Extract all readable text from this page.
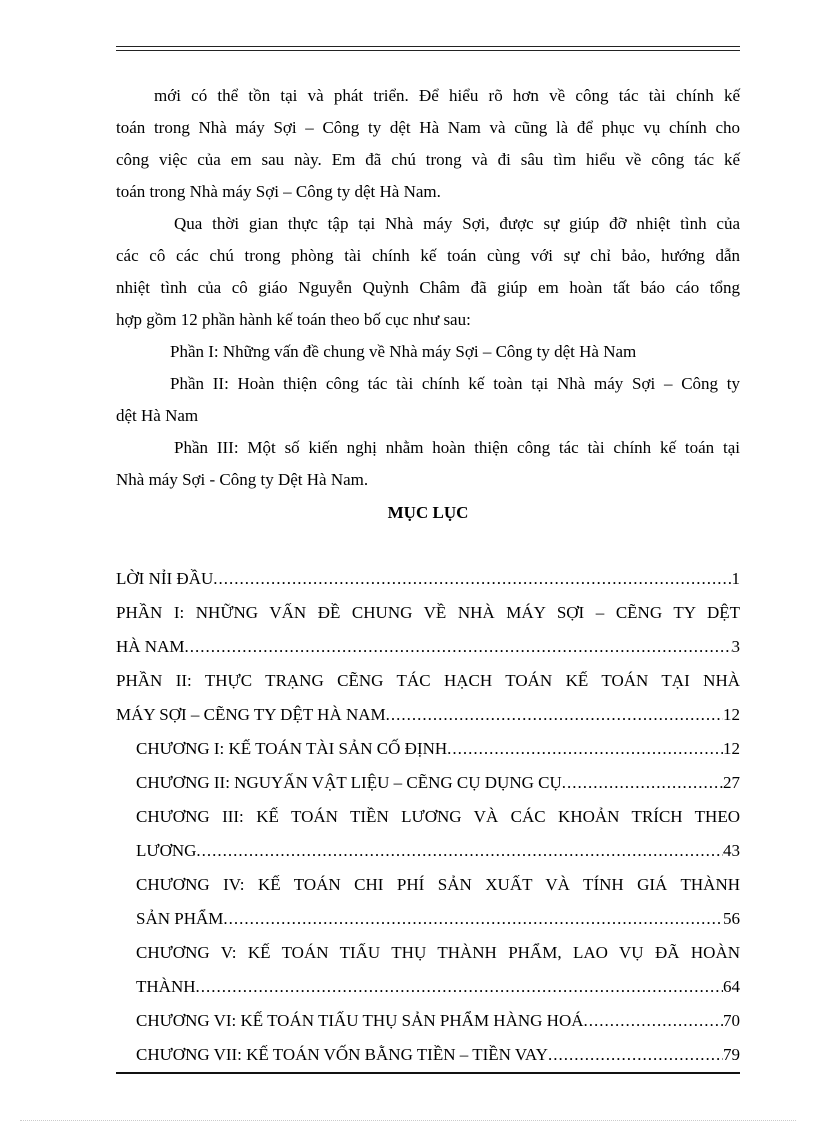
mới có thể tồn tại và phát triển. Để hiểu rõ hơn về công tác tài chính kế
toán trong Nhà máy Sợi – Công ty dệt Hà Nam và cũng là để phục vụ chính cho
công việc của em sau này. Em đã chú trong và đi sâu tìm hiểu về công tác kế
toán trong Nhà máy Sợi – Công ty dệt Hà Nam.
Qua thời gian thực tập tại Nhà máy Sợi, được sự giúp đỡ nhiệt tình của
các cô các chú trong phòng tài chính kế toán cùng với sự chỉ bảo, hướng dẫn
nhiệt tình của cô giáo Nguyễn Quỳnh Châm đã giúp em hoàn tất báo cáo tổng
hợp gồm 12 phần hành kế toán theo bố cục như sau:
Phần I: Những vấn đề chung về Nhà máy Sợi – Công ty dệt Hà Nam
Phần II: Hoàn thiện công tác tài chính kế toàn tại Nhà máy Sợi – Công ty
dệt Hà Nam
Phần III: Một số kiến nghị nhằm hoàn thiện công tác tài chính kế toán tại
Nhà máy Sợi - Công ty Dệt Hà Nam.
MỤC LỤC
LỜI NỈI ĐẦU .....	1
PHẦN I: NHỮNG VẤN ĐỀ CHUNG VỀ NHÀ MÁY SỢI – CẼNG TY DỆT
HÀ NAM .....	3
PHẦN II: THỰC TRẠNG CẼNG TÁC HẠCH TOÁN KẾ TOÁN TẠI NHÀ
MÁY SỢI – CẼNG TY DỆT HÀ NAM .....	12
CHƯƠNG I: KẾ TOÁN TÀI SẢN CỐ ĐỊNH .....	12
CHƯƠNG II: NGUYẤN VẬT LIỆU – CẼNG CỤ DỤNG CỤ .....	27
CHƯƠNG III: KẾ TOÁN TIỀN LƯƠNG VÀ CÁC KHOẢN TRÍCH THEO
LƯƠNG .....	43
CHƯƠNG IV: KẾ TOÁN CHI PHÍ SẢN XUẤT VÀ TÍNH GIÁ THÀNH
SẢN PHẨM .....	56
CHƯƠNG V: KẾ TOÁN TIẤU THỤ THÀNH PHẨM, LAO VỤ ĐÃ HOÀN
THÀNH .....	64
CHƯƠNG VI: KẾ TOÁN TIẤU THỤ SẢN PHẨM HÀNG HOÁ .....	70
CHƯƠNG VII: KẾ TOÁN VỐN BẰNG TIỀN – TIỀN VAY .....	79
